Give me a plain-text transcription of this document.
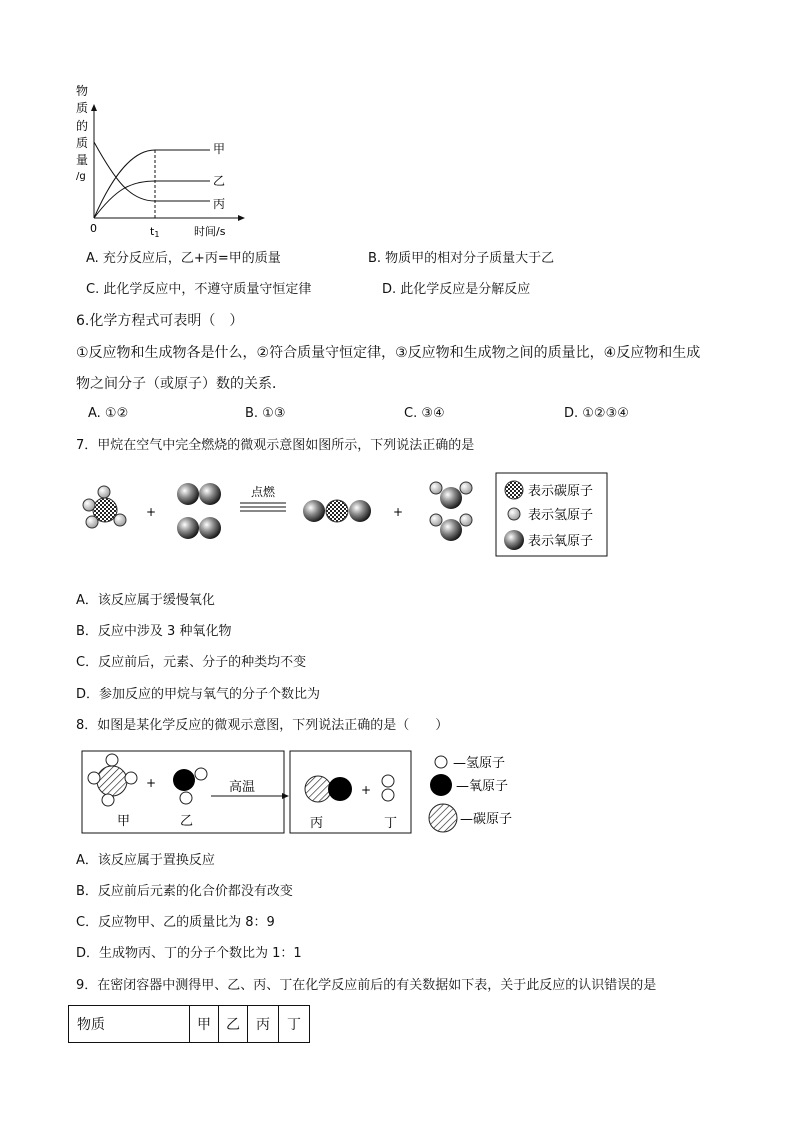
物
质
的
质
量
/g
0	t1	时间/s
甲
乙
丙
A. 充分反应后，乙+丙=甲的质量	B. 物质甲的相对分子质量大于乙
C. 此化学反应中，不遵守质量守恒定律	D. 此化学反应是分解反应
6.化学方程式可表明（　）
①反应物和生成物各是什么，②符合质量守恒定律，③反应物和生成物之间的质量比，④反应物和生成
物之间分子（或原子）数的关系．
A. ①②	B. ①③	C. ③④	D. ①②③④
7．甲烷在空气中完全燃烧的微观示意图如图所示，下列说法正确的是
+
点燃
+
表示碳原子
表示氢原子
表示氧原子
A．该反应属于缓慢氧化
B．反应中涉及 3 种氧化物
C．反应前后，元素、分子的种类均不变
D．参加反应的甲烷与氧气的分子个数比为
8．如图是某化学反应的微观示意图，下列说法正确的是（　　）
+
甲	乙
高温	+
丙	丁
—氢原子
—氧原子
—碳原子
A．该反应属于置换反应
B．反应前后元素的化合价都没有改变
C．反应物甲、乙的质量比为 8：9
D．生成物丙、丁的分子个数比为 1：1
9．在密闭容器中测得甲、乙、丙、丁在化学反应前后的有关数据如下表，关于此反应的认识错误的是
物质	甲	乙	丙	丁
